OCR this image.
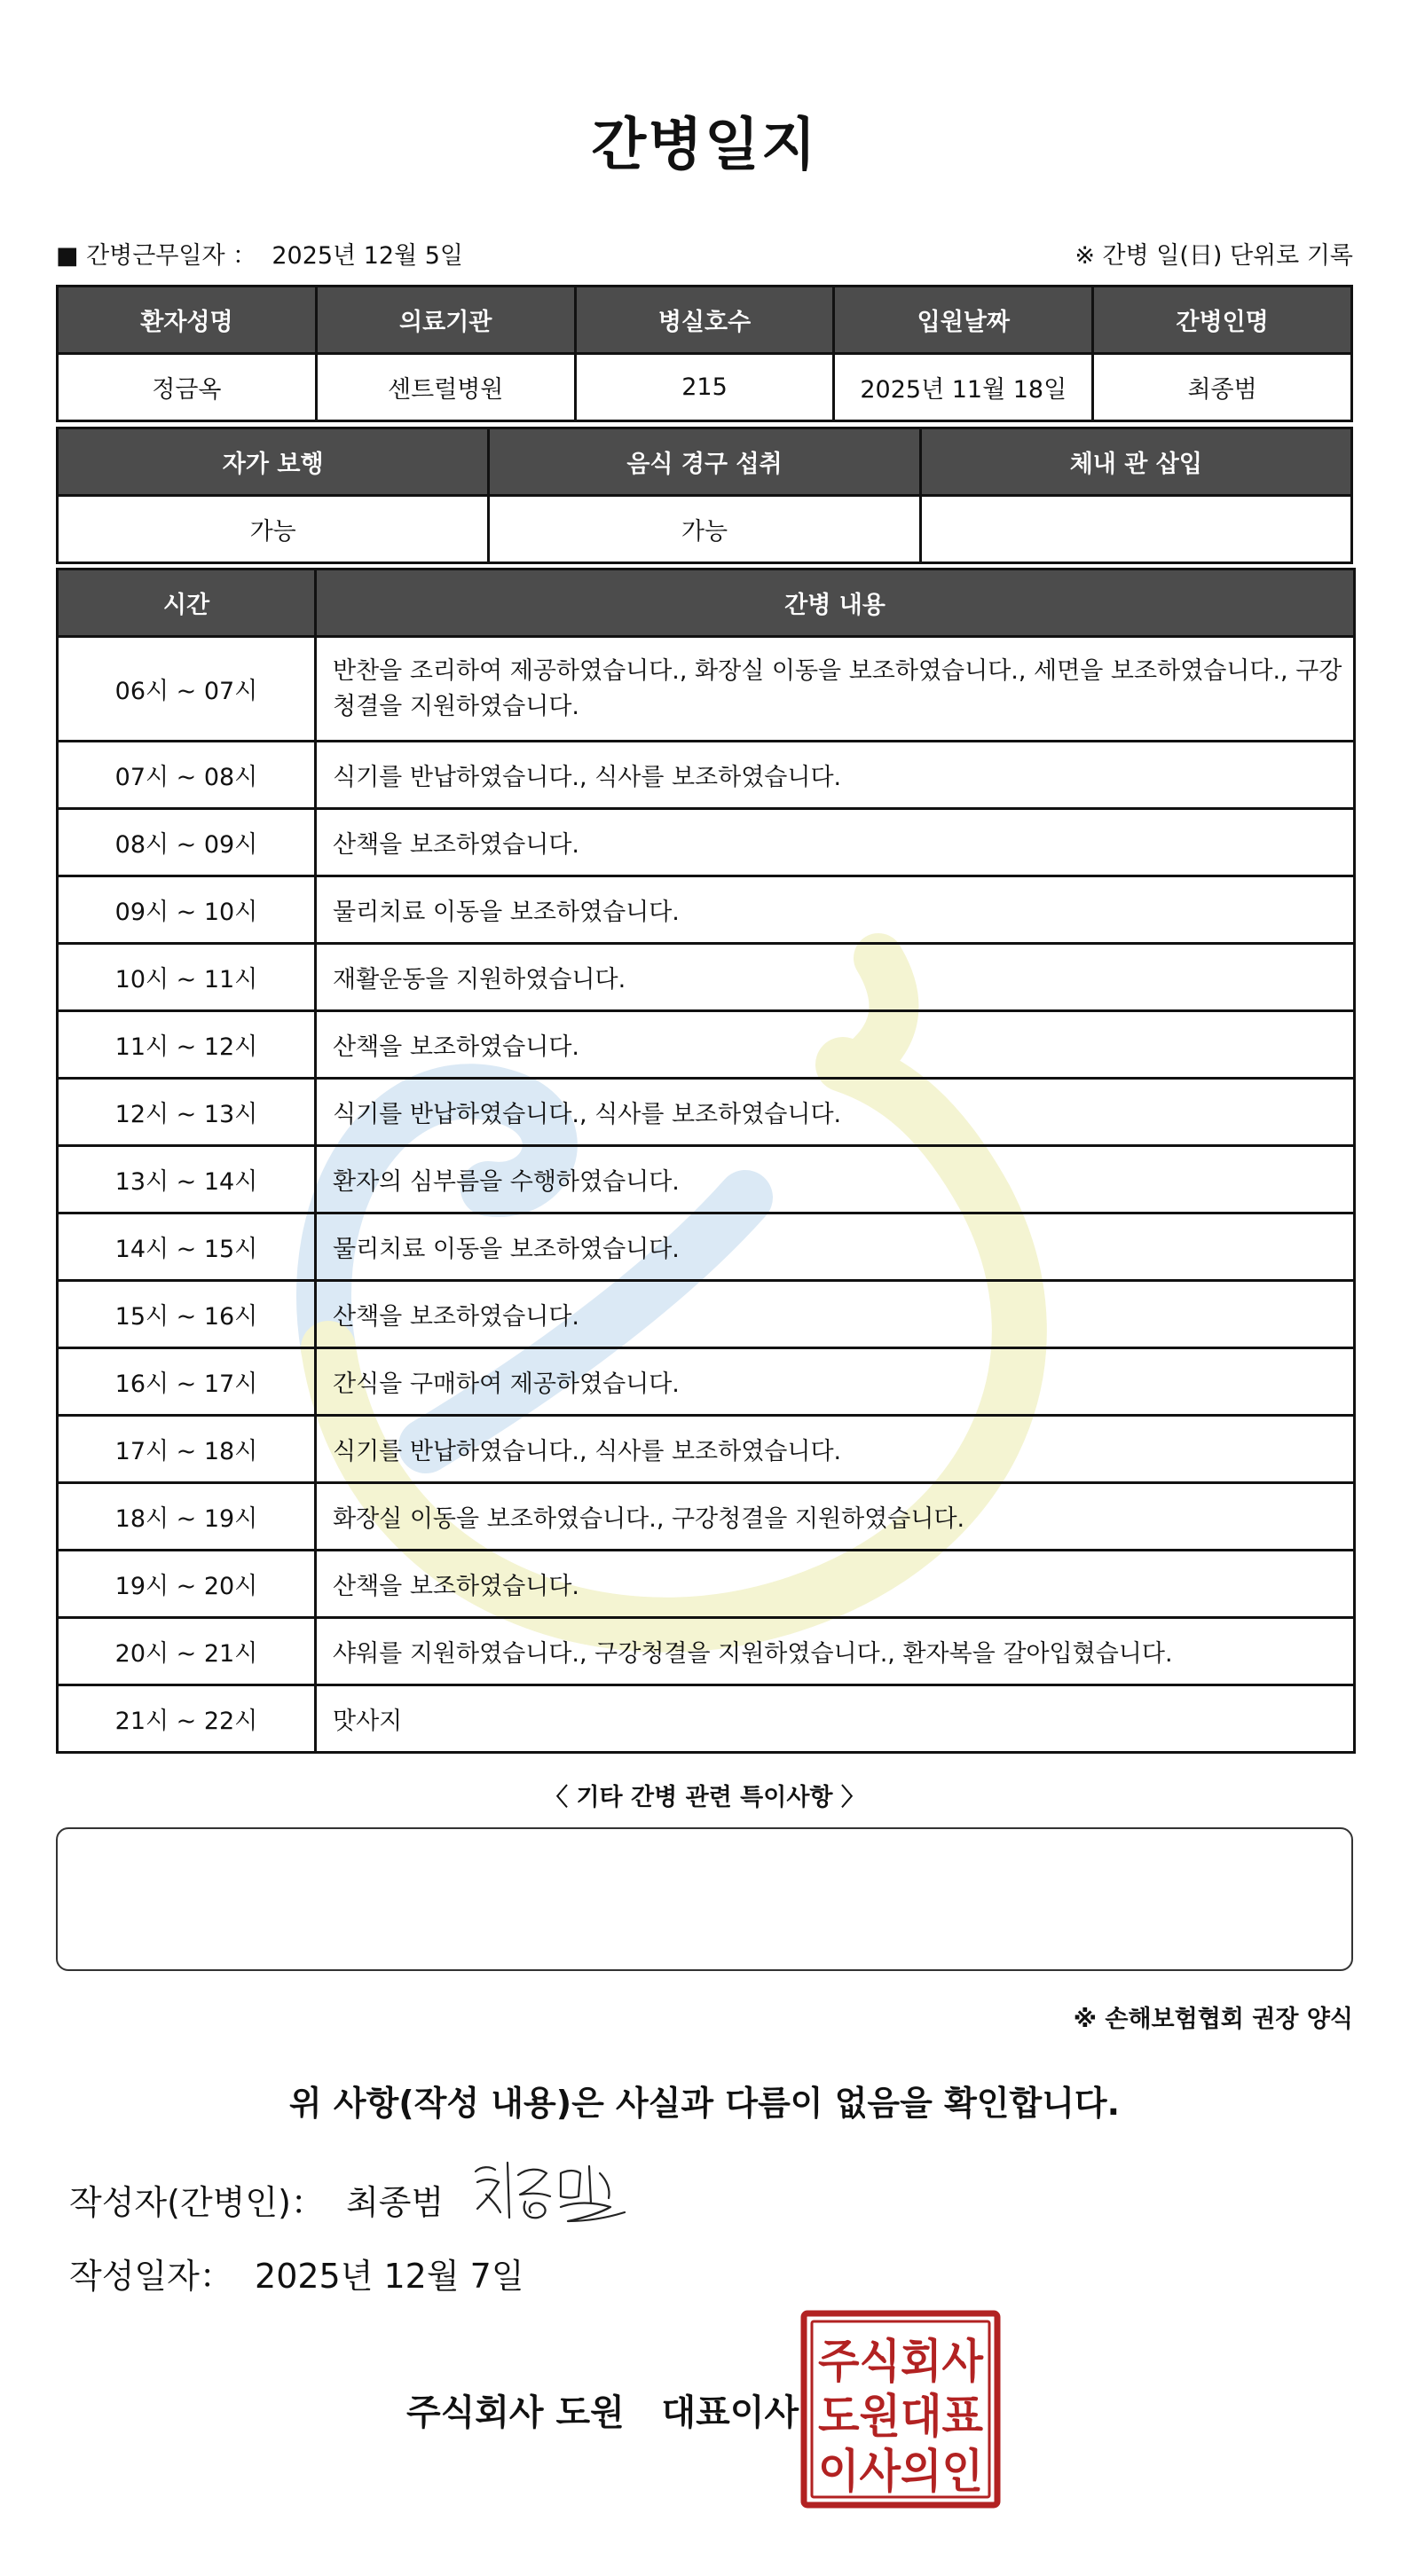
간병일지
■ 간병근무일자 ： 2025년 12월 5일	※ 간병 일(日) 단위로 기록
환자성명	의료기관	병실호수	입원날짜	간병인명
정금옥	센트럴병원	215	2025년 11월 18일	최종범
자가 보행	음식 경구 섭취	체내 관 삽입
가능	가능	
시간	간병 내용
06시 ~ 07시	반찬을 조리하여 제공하였습니다., 화장실 이동을 보조하였습니다., 세면을 보조하였습니다., 구강청결을 지원하였습니다.
07시 ~ 08시	식기를 반납하였습니다., 식사를 보조하였습니다.
08시 ~ 09시	산책을 보조하였습니다.
09시 ~ 10시	물리치료 이동을 보조하였습니다.
10시 ~ 11시	재활운동을 지원하였습니다.
11시 ~ 12시	산책을 보조하였습니다.
12시 ~ 13시	식기를 반납하였습니다., 식사를 보조하였습니다.
13시 ~ 14시	환자의 심부름을 수행하였습니다.
14시 ~ 15시	물리치료 이동을 보조하였습니다.
15시 ~ 16시	산책을 보조하였습니다.
16시 ~ 17시	간식을 구매하여 제공하였습니다.
17시 ~ 18시	식기를 반납하였습니다., 식사를 보조하였습니다.
18시 ~ 19시	화장실 이동을 보조하였습니다., 구강청결을 지원하였습니다.
19시 ~ 20시	산책을 보조하였습니다.
20시 ~ 21시	샤워를 지원하였습니다., 구강청결을 지원하였습니다., 환자복을 갈아입혔습니다.
21시 ~ 22시	맛사지
〈 기타 간병 관련 특이사항 〉
※ 손해보험협회 권장 양식
위 사항(작성 내용)은 사실과 다름이 없음을 확인합니다.
작성자(간병인)： 최종범
작성일자： 2025년 12월 7일
주식회사 도원   대표이사
주식회사
도원대표
이사의인
